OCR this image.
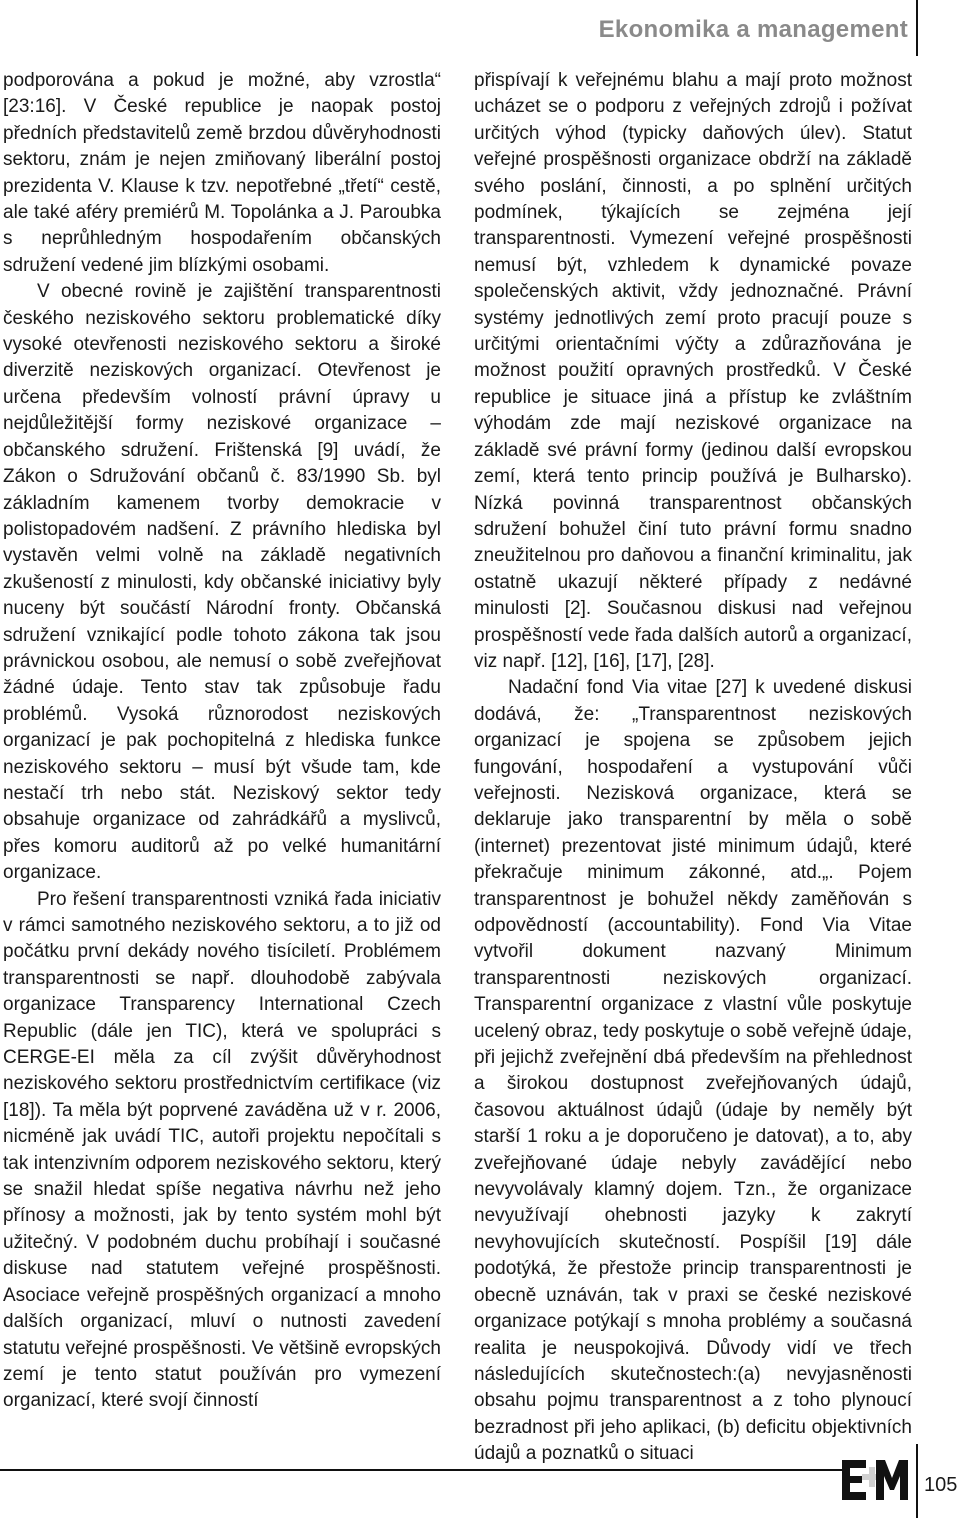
Ekonomika a management

podporována a pokud je možné, aby vzrostla“ [23:16]. V České republice je naopak postoj předních představitelů země brzdou důvěryhodnosti sektoru, znám je nejen zmiňovaný liberální postoj prezidenta V. Klause k tzv. nepotřebné „třetí“ cestě, ale také aféry premiérů M. Topolánka a J. Paroubka s neprůhledným hospodařením občanských sdružení vedené jim blízkými osobami.

V obecné rovině je zajištění transparentnosti českého neziskového sektoru problematické díky vysoké otevřenosti neziskového sektoru a široké diverzitě neziskových organizací. Otevřenost je určena především volností právní úpravy u nejdůležitější formy neziskové organizace – občanského sdružení. Frištenská [9] uvádí, že Zákon o Sdružování občanů č. 83/1990 Sb. byl základním kamenem tvorby demokracie v polistopadovém nadšení. Z právního hlediska byl vystavěn velmi volně na základě negativních zkušeností z minulosti, kdy občanské iniciativy byly nuceny být součástí Národní fronty. Občanská sdružení vznikající podle tohoto zákona tak jsou právnickou osobou, ale nemusí o sobě zveřejňovat žádné údaje. Tento stav tak způsobuje řadu problémů. Vysoká různorodost neziskových organizací je pak pochopitelná z hlediska funkce neziskového sektoru – musí být všude tam, kde nestačí trh nebo stát. Neziskový sektor tedy obsahuje organizace od zahrádkářů a myslivců, přes komoru auditorů až po velké humanitární organizace.

Pro řešení transparentnosti vzniká řada iniciativ v rámci samotného neziskového sektoru, a to již od počátku první dekády nového tisíciletí. Problémem transparentnosti se např. dlouhodobě zabývala organizace Transparency International Czech Republic (dále jen TIC), která ve spolupráci s CERGE-EI měla za cíl zvýšit důvěryhodnost neziskového sektoru prostřednictvím certifikace (viz [18]). Ta měla být poprvené zaváděna už v r. 2006, nicméně jak uvádí TIC, autoři projektu nepočítali s tak intenzivním odporem neziskového sektoru, který se snažil hledat spíše negativa návrhu než jeho přínosy a možnosti, jak by tento systém mohl být užitečný. V podobném duchu probíhají i současné diskuse nad statutem veřejné prospěšnosti. Asociace veřejně prospěšných organizací a mnoho dalších organizací, mluví o nutnosti zavedení statutu veřejné prospěšnosti. Ve většině evropských zemí je tento statut používán pro vymezení organizací, které svojí činností

přispívají k veřejnému blahu a mají proto možnost ucházet se o podporu z veřejných zdrojů i požívat určitých výhod (typicky daňových úlev). Statut veřejné prospěšnosti organizace obdrží na základě svého poslání, činnosti, a po splnění určitých podmínek, týkajících se zejména její transparentnosti. Vymezení veřejné prospěšnosti nemusí být, vzhledem k dynamické povaze společenských aktivit, vždy jednoznačné. Právní systémy jednotlivých zemí proto pracují pouze s určitými orientačními výčty a zdůrazňována je možnost použití opravných prostředků. V České republice je situace jiná a přístup ke zvláštním výhodám zde mají neziskové organizace na základě své právní formy (jedinou další evropskou zemí, která tento princip používá je Bulharsko). Nízká povinná transparentnost občanských sdružení bohužel činí tuto právní formu snadno zneužitelnou pro daňovou a finanční kriminalitu, jak ostatně ukazují některé případy z nedávné minulosti [2]. Současnou diskusi nad veřejnou prospěšností vede řada dalších autorů a organizací, viz např. [12], [16], [17], [28].

Nadační fond Via vitae [27] k uvedené diskusi dodává, že: „Transparentnost neziskových organizací je spojena se způsobem jejich fungování, hospodaření a vystupování vůči veřejnosti. Nezisková organizace, která se deklaruje jako transparentní by měla o sobě (internet) prezentovat jisté minimum údajů, které překračuje minimum zákonné, atd.„. Pojem transparentnost je bohužel někdy zaměňován s odpovědností (accountability). Fond Via Vitae vytvořil dokument nazvaný Minimum transparentnosti neziskových organizací. Transparentní organizace z vlastní vůle poskytuje ucelený obraz, tedy poskytuje o sobě veřejně údaje, při jejichž zveřejnění dbá především na přehlednost a širokou dostupnost zveřejňovaných údajů, časovou aktuálnost údajů (údaje by neměly být starší 1 roku a je doporučeno je datovat), a to, aby zveřejňované údaje nebyly zavádějící nebo nevyvolávaly klamný dojem. Tzn., že organizace nevyužívají ohebnosti jazyky k zakrytí nevyhovujících skutečností. Pospíšil [19] dále podotýká, že přestože princip transparentnosti je obecně uznáván, tak v praxi se české neziskové organizace potýkají s mnoha problémy a současná realita je neuspokojivá. Důvody vidí ve třech následujících skutečnostech:(a) nevyjasněnosti obsahu pojmu transparentnost a z toho plynoucí bezradnost při jeho aplikaci, (b) deficitu objektivních údajů a poznatků o situaci

105
